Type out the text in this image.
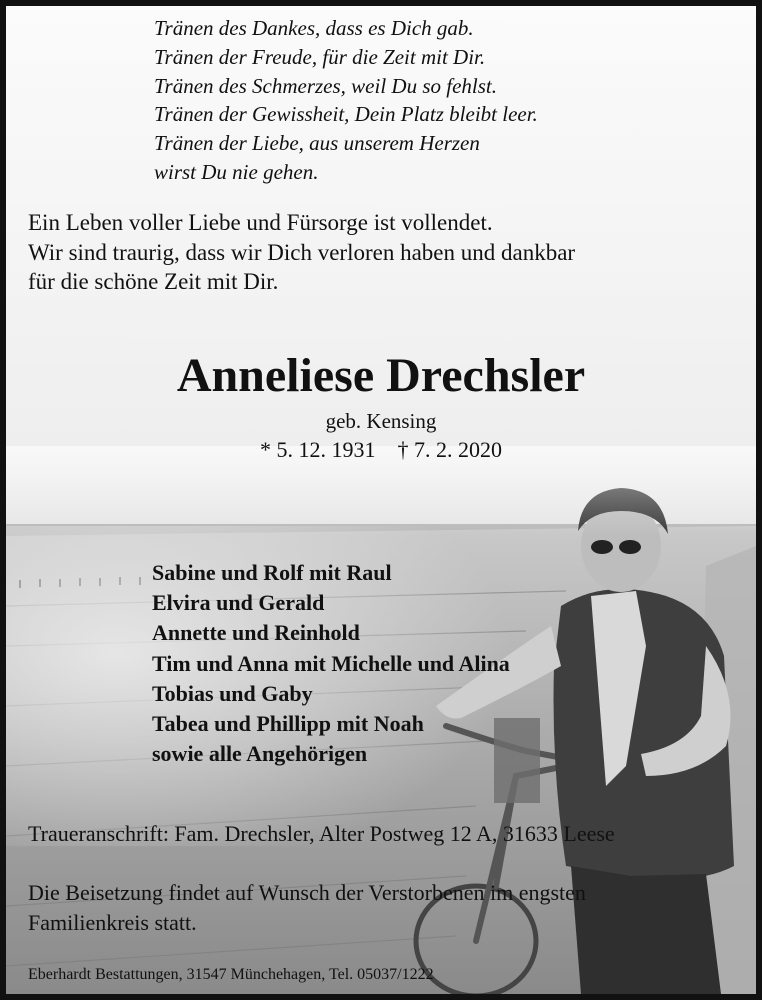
Tränen des Dankes, dass es Dich gab.
Tränen der Freude, für die Zeit mit Dir.
Tränen des Schmerzes, weil Du so fehlst.
Tränen der Gewissheit, Dein Platz bleibt leer.
Tränen der Liebe, aus unserem Herzen
wirst Du nie gehen.
Ein Leben voller Liebe und Fürsorge ist vollendet.
Wir sind traurig, dass wir Dich verloren haben und dankbar
für die schöne Zeit mit Dir.
Anneliese Drechsler
geb. Kensing
* 5. 12. 1931    † 7. 2. 2020
Sabine und Rolf mit Raul
Elvira und Gerald
Annette und Reinhold
Tim und Anna mit Michelle und Alina
Tobias und Gaby
Tabea und Phillipp mit Noah
sowie alle Angehörigen
Traueranschrift: Fam. Drechsler, Alter Postweg 12 A, 31633 Leese
Die Beisetzung findet auf Wunsch der Verstorbenen im engsten
Familienkreis statt.
Eberhardt Bestattungen, 31547 Münchehagen, Tel. 05037/1222
